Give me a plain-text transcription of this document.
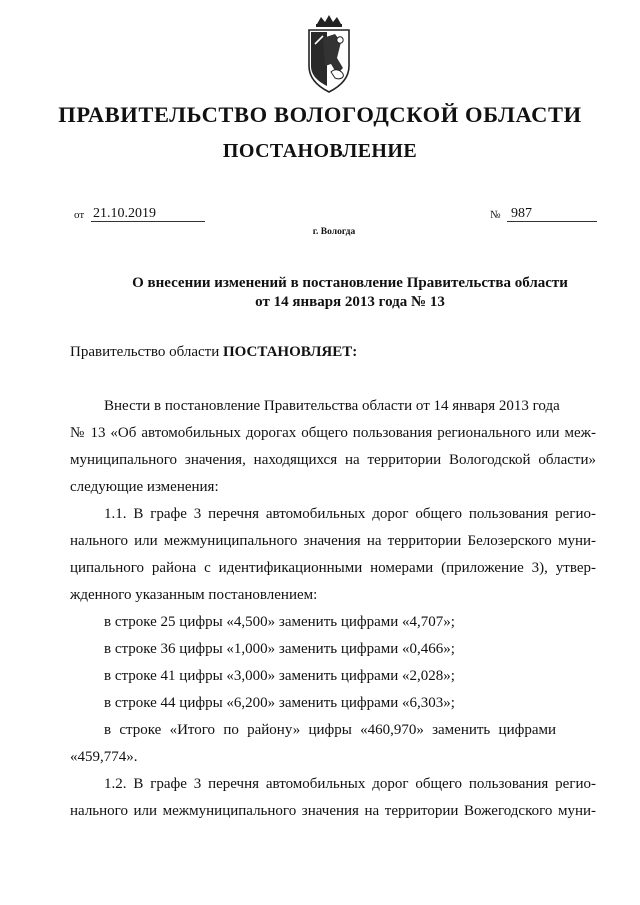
ПРАВИТЕЛЬСТВО ВОЛОГОДСКОЙ ОБЛАСТИ
ПОСТАНОВЛЕНИЕ
от 21.10.2019	№ 987
г. Вологда
О внесении изменений в постановление Правительства области
от 14 января 2013 года № 13
Правительство области ПОСТАНОВЛЯЕТ:
Внести в постановление Правительства области от 14 января 2013 года
№ 13 «Об автомобильных дорогах общего пользования регионального или меж-
муниципального значения, находящихся на территории Вологодской области»
следующие изменения:
1.1. В графе 3 перечня автомобильных дорог общего пользования регио-
нального или межмуниципального значения на территории Белозерского муни-
ципального района с идентификационными номерами (приложение 3), утвер-
жденного указанным постановлением:
в строке 25 цифры «4,500» заменить цифрами «4,707»;
в строке 36 цифры «1,000» заменить цифрами «0,466»;
в строке 41 цифры «3,000» заменить цифрами «2,028»;
в строке 44 цифры «6,200» заменить цифрами «6,303»;
в строке «Итого по району» цифры «460,970» заменить цифрами
«459,774».
1.2. В графе 3 перечня автомобильных дорог общего пользования регио-
нального или межмуниципального значения на территории Вожегодского муни-
